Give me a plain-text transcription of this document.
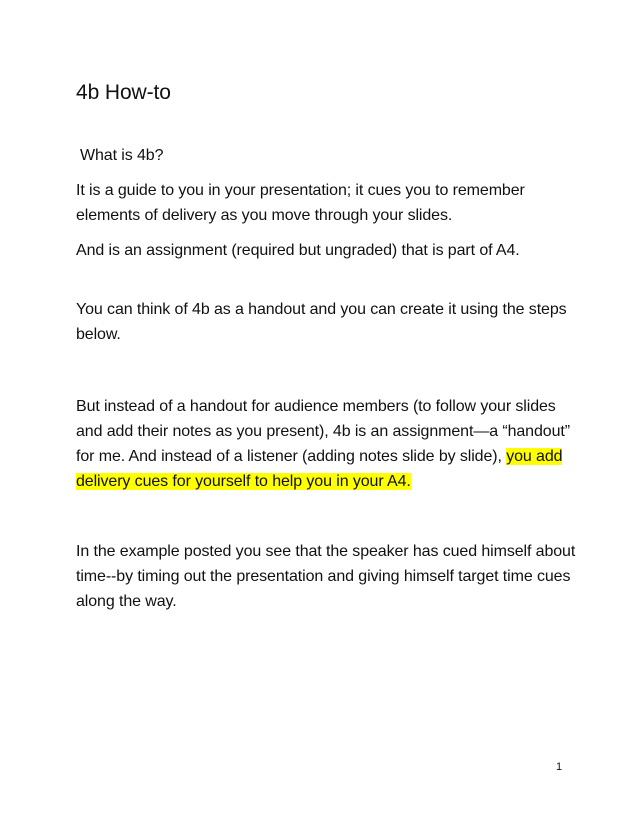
4b How-to

What is 4b?

It is a guide to you in your presentation; it cues you to remember elements of delivery as you move through your slides.

And is an assignment (required but ungraded) that is part of A4.

You can think of 4b as a handout and you can create it using the steps below.

But instead of a handout for audience members (to follow your slides and add their notes as you present), 4b is an assignment—a “handout” for me. And instead of a listener (adding notes slide by slide), you add delivery cues for yourself to help you in your A4.

In the example posted you see that the speaker has cued himself about time--by timing out the presentation and giving himself target time cues along the way.

1
